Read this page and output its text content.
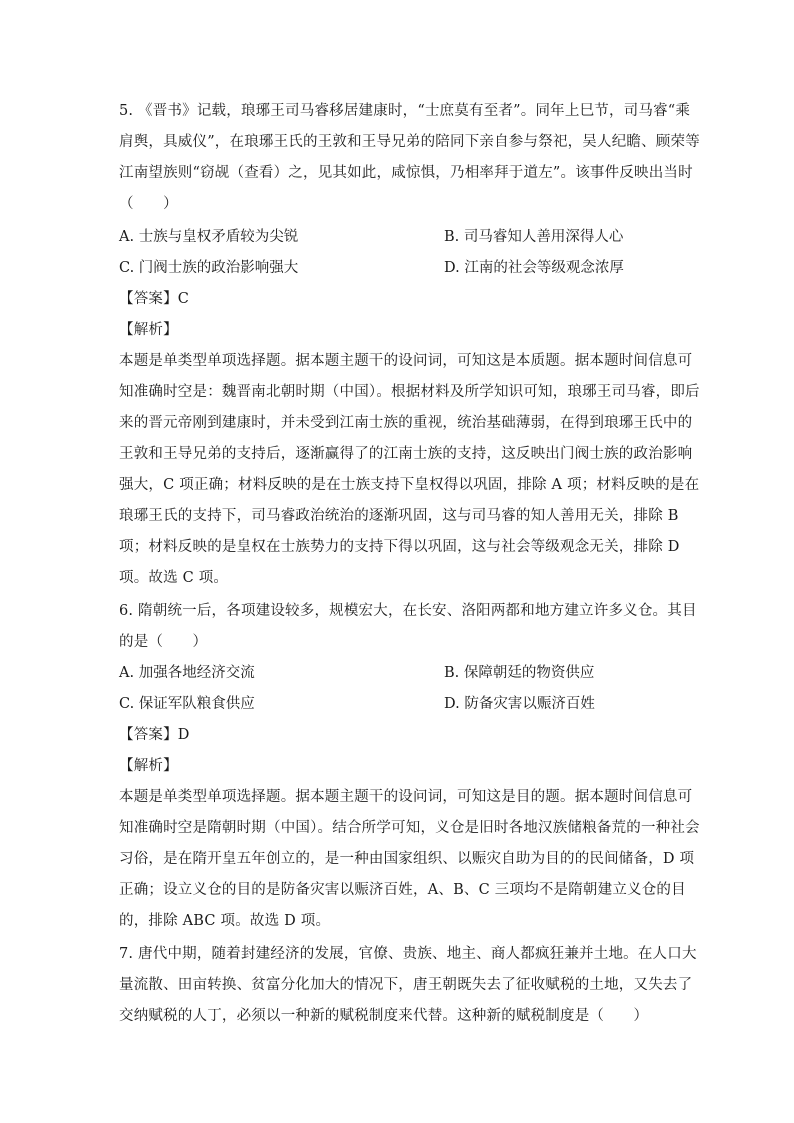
5. 《晋书》记载，琅琊王司马睿移居建康时，“士庶莫有至者”。同年上巳节，司马睿“乘
肩舆，具威仪”，在琅琊王氏的王敦和王导兄弟的陪同下亲自参与祭祀，吴人纪瞻、顾荣等
江南望族则“窃觇（查看）之，见其如此，咸惊惧，乃相率拜于道左”。该事件反映出当时
（　　）
A. 士族与皇权矛盾较为尖锐	B. 司马睿知人善用深得人心
C. 门阀士族的政治影响强大	D. 江南的社会等级观念浓厚
【答案】C
【解析】
本题是单类型单项选择题。据本题主题干的设问词，可知这是本质题。据本题时间信息可
知准确时空是：魏晋南北朝时期（中国）。根据材料及所学知识可知，琅琊王司马睿，即后
来的晋元帝刚到建康时，并未受到江南士族的重视，统治基础薄弱，在得到琅琊王氏中的
王敦和王导兄弟的支持后，逐渐赢得了的江南士族的支持，这反映出门阀士族的政治影响
强大，C 项正确；材料反映的是在士族支持下皇权得以巩固，排除 A 项；材料反映的是在
琅琊王氏的支持下，司马睿政治统治的逐渐巩固，这与司马睿的知人善用无关，排除 B
项；材料反映的是皇权在士族势力的支持下得以巩固，这与社会等级观念无关，排除 D
项。故选 C 项。
6. 隋朝统一后，各项建设较多，规模宏大，在长安、洛阳两都和地方建立许多义仓。其目
的是（　　）
A. 加强各地经济交流	B. 保障朝廷的物资供应
C. 保证军队粮食供应	D. 防备灾害以赈济百姓
【答案】D
【解析】
本题是单类型单项选择题。据本题主题干的设问词，可知这是目的题。据本题时间信息可
知准确时空是隋朝时期（中国）。结合所学可知，义仓是旧时各地汉族储粮备荒的一种社会
习俗，是在隋开皇五年创立的，是一种由国家组织、以赈灾自助为目的的民间储备，D 项
正确；设立义仓的目的是防备灾害以赈济百姓，A、B、C 三项均不是隋朝建立义仓的目
的，排除 ABC 项。故选 D 项。
7. 唐代中期，随着封建经济的发展，官僚、贵族、地主、商人都疯狂兼并土地。在人口大
量流散、田亩转换、贫富分化加大的情况下，唐王朝既失去了征收赋税的土地，又失去了
交纳赋税的人丁，必须以一种新的赋税制度来代替。这种新的赋税制度是（　　）
